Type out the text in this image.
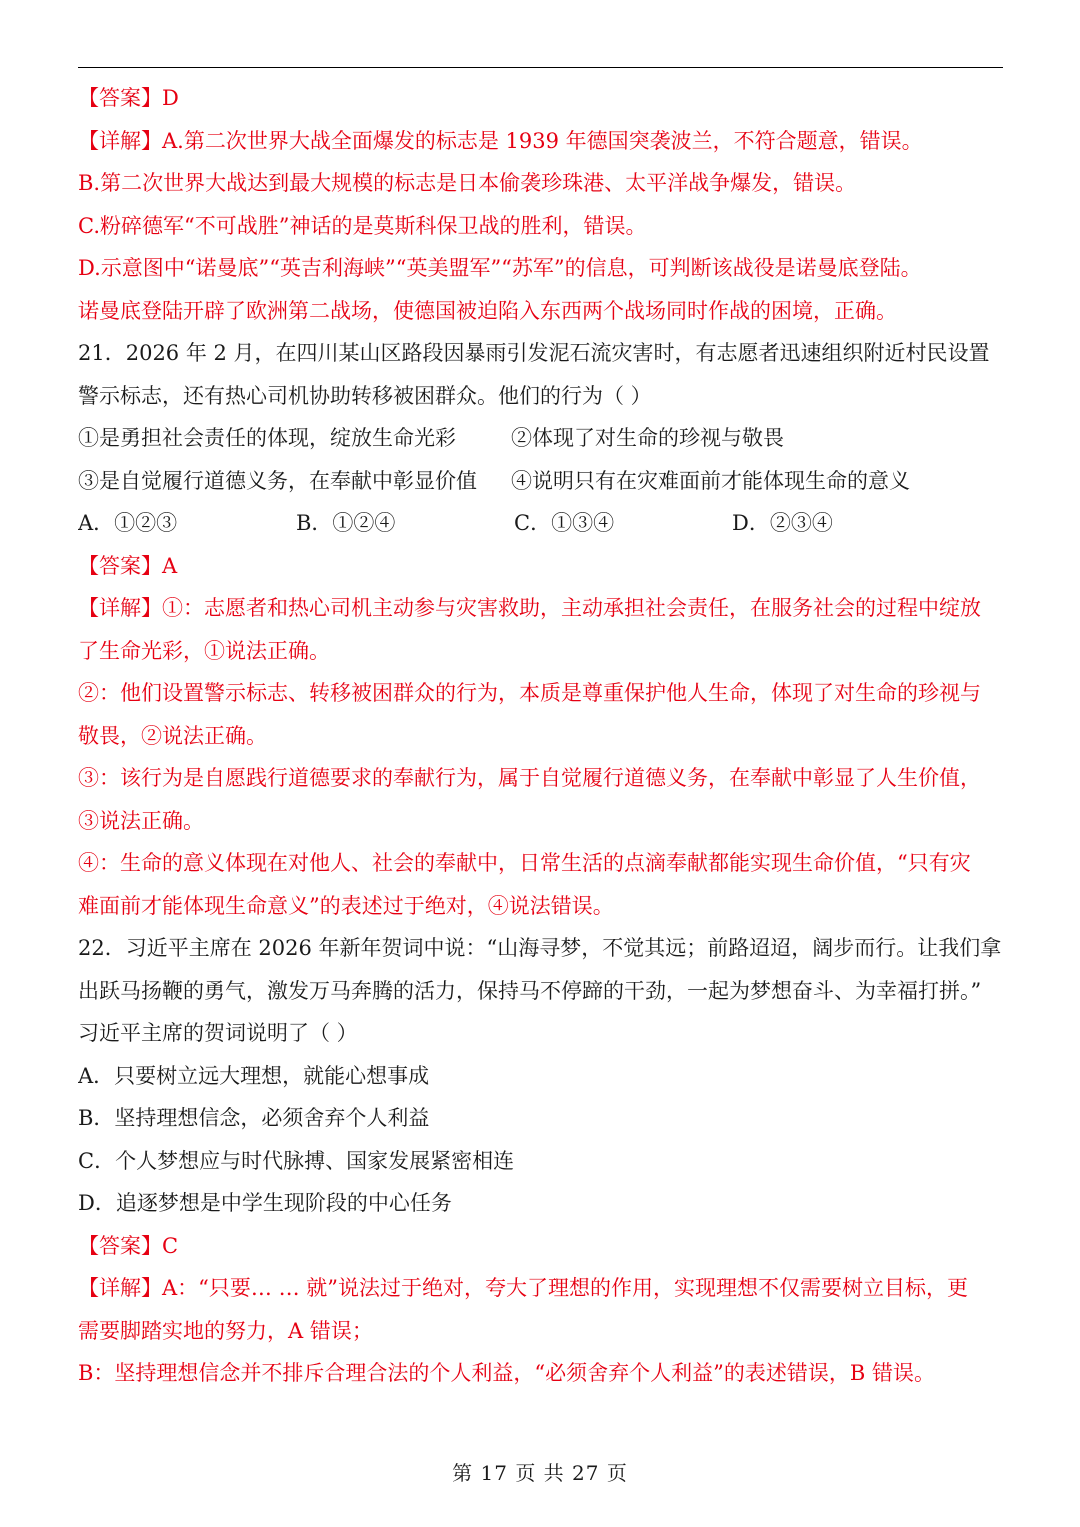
【答案】D
【详解】A.第二次世界大战全面爆发的标志是 1939 年德国突袭波兰，不符合题意，错误。
B.第二次世界大战达到最大规模的标志是日本偷袭珍珠港、太平洋战争爆发，错误。
C.粉碎德军“不可战胜”神话的是莫斯科保卫战的胜利，错误。
D.示意图中“诺曼底”“英吉利海峡”“英美盟军”“苏军”的信息，可判断该战役是诺曼底登陆。
诺曼底登陆开辟了欧洲第二战场，使德国被迫陷入东西两个战场同时作战的困境，正确。
21．2026 年 2 月，在四川某山区路段因暴雨引发泥石流灾害时，有志愿者迅速组织附近村民设置
警示标志，还有热心司机协助转移被困群众。他们的行为（ ）
①是勇担社会责任的体现，绽放生命光彩	②体现了对生命的珍视与敬畏
③是自觉履行道德义务，在奉献中彰显价值 ④说明只有在灾难面前才能体现生命的意义
A．①②③	B．①②④	C．①③④	D．②③④
【答案】A
【详解】①：志愿者和热心司机主动参与灾害救助，主动承担社会责任，在服务社会的过程中绽放
了生命光彩，①说法正确。
②：他们设置警示标志、转移被困群众的行为，本质是尊重保护他人生命，体现了对生命的珍视与
敬畏，②说法正确。
③：该行为是自愿践行道德要求的奉献行为，属于自觉履行道德义务，在奉献中彰显了人生价值，
③说法正确。
④：生命的意义体现在对他人、社会的奉献中，日常生活的点滴奉献都能实现生命价值，“只有灾
难面前才能体现生命意义”的表述过于绝对，④说法错误。
22．习近平主席在 2026 年新年贺词中说：“山海寻梦，不觉其远；前路迢迢，阔步而行。让我们拿
出跃马扬鞭的勇气，激发万马奔腾的活力，保持马不停蹄的干劲，一起为梦想奋斗、为幸福打拼。”
习近平主席的贺词说明了（ ）
A．只要树立远大理想，就能心想事成
B．坚持理想信念，必须舍弃个人利益
C．个人梦想应与时代脉搏、国家发展紧密相连
D．追逐梦想是中学生现阶段的中心任务
【答案】C
【详解】A：“只要… … 就”说法过于绝对，夸大了理想的作用，实现理想不仅需要树立目标，更
需要脚踏实地的努力，A 错误；
B：坚持理想信念并不排斥合理合法的个人利益，“必须舍弃个人利益”的表述错误，B 错误。
第 17 页 共 27 页
